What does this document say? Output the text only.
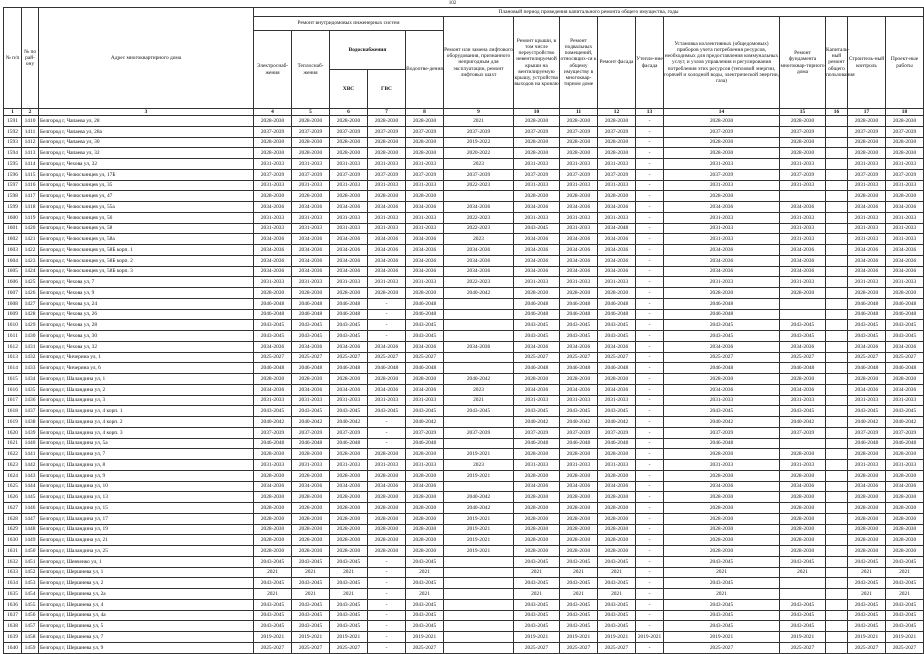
102
№ п/п	№ по рай-ону	Адрес многоквартирного дома	Плановый период проведения капитального ремонта общего имущества, годы														
			Ремонт внутридомовых инженерных систем					Ремонт или замена лифтового оборудования, признанного непригодным для эксплуатации, ремонт лифтовых шахт	Ремонт крыши, в том числе переустройство невентилируемой крыши на вентилируемую крышу, устройство выходов на кровлю	Ремонт подвальных помещений, относящих-ся к общему имуществу в многоквар-тирном доме	Ремонт фасада	Утепле-ние фасада	Установка коллективных (общедомовых) приборов учета потребления ресурсов, необходимых для предоставления коммунальных услуг, и узлов управления и регулирования потребления этих ресурсов (тепловой энергии, горячей и холодной воды, электрической энергии, газа)	Ремонт фундамента многоквар-тирного дома	Капиталь-ный ремонт общего пользования	Строитель-ный контроль	Проект-ные работы
			Электроснаб-жения	Теплоснаб-жения	Водоснабжения
ХВС ГВС		Водоотве-дения										
1	2	3	4	5	6	7	8	9	10	11	12	13	14	15	16	17	18
1591	1410	Белгород г, Чапаева ул, 28	2028-2030	2028-2030	2028-2030	2028-2030	2028-2030	2021	2028-2030	2028-2030	2028-2030	-	2028-2030	2028-2030		2028-2030	2028-2030
1592	1411	Белгород г, Чапаева ул, 28а	2037-2039	2037-2039	2037-2039	2037-2039	2037-2039	2037-2039	2037-2039	2037-2039	2037-2039	-	2037-2039	2037-2039		2037-2039	2037-2039
1593	1412	Белгород г, Чапаева ул, 30	2028-2030	2028-2030	2028-2030	2028-2030	2028-2030	2019-2022	2028-2030	2028-2030	2028-2030	-	2028-2030	2028-2030		2028-2030	2028-2030
1594	1413	Белгород г, Чапаева ул, 32	2028-2030	2028-2030	2028-2030	2028-2030	2028-2030	2020-2022	2028-2030	2028-2030	2028-2030	-	2028-2030	2028-2030		2028-2030	2028-2030
1595	1414	Белгород г, Чехова ул, 32	2031-2033	2031-2033	2031-2033	2031-2033	2031-2033	2023	2031-2033	2031-2033	2031-2033	-	2031-2033	2031-2033		2031-2033	2031-2033
1596	1415	Белгород г, Челюскинцев ул, 17Б	2037-2039	2037-2039	2037-2039	2037-2039	2037-2039	2037-2039	2037-2039	2037-2039	2037-2039	-	2037-2039	2037-2039		2037-2039	2037-2039
1597	1416	Белгород г, Челюскинцев ул, 35	2031-2033	2031-2033	2031-2033	2031-2033	2031-2033	2022-2023	2031-2033	2031-2033	2031-2033	-	2031-2033	2031-2033		2031-2033	2031-2033
1598	1417	Белгород г, Челюскинцев ул, 47	2028-2030	2028-2030	2028-2030	2028-2030	2028-2030		2028-2030	2028-2030	2028-2030	-	2028-2030			2028-2030	2028-2030
1599	1418	Белгород г, Челюскинцев ул, 55а	2034-2036	2034-2036	2034-2036	2034-2036	2034-2036	2034-2036	2034-2036	2034-2036	2034-2036	-	2034-2036	2034-2036		2034-2036	2034-2036
1600	1419	Белгород г, Челюскинцев ул, 56	2031-2033	2031-2033	2031-2033	2031-2033	2031-2033	2022-2023	2031-2033	2031-2033	2031-2033	-	2031-2033	2031-2033		2031-2033	2031-2033
1601	1420	Белгород г, Челюскинцев ул, 58	2031-2033	2031-2033	2031-2033	2031-2033	2031-2033	2022-2023	2043-2045	2031-2033	2034-2048	-	2031-2033	2031-2033		2031-2033	2031-2033
1602	1421	Белгород г, Челюскинцев ул, 58а	2034-2036	2034-2036	2034-2036	2034-2036	2034-2036	2023	2034-2036	2034-2036	2034-2036	-	2031-2033	2031-2033		2031-2033	2031-2033
1603	1422	Белгород г, Челюскинцев ул, 58Б корп. 1	2034-2036	2034-2036	2034-2036	2034-2036	2034-2036	2034-2036	2034-2036	2034-2036	2034-2036	-	2034-2036	2034-2036		2034-2036	2034-2036
1604	1423	Белгород г, Челюскинцев ул, 58Б корп. 2	2034-2036	2034-2036	2034-2036	2034-2036	2034-2036	2034-2036	2034-2036	2034-2036	2034-2036	-	2034-2036	2034-2036		2034-2036	2034-2036
1605	1424	Белгород г, Челюскинцев ул, 58Б корп. 3	2034-2036	2034-2036	2034-2036	2034-2036	2034-2036	2034-2036	2034-2036	2034-2036	2034-2036	-	2034-2036	2034-2036		2034-2036	2034-2036
1606	1425	Белгород г, Чехова ул, 7	2031-2033	2031-2033	2031-2033	2031-2033	2031-2033	2022-2023	2031-2033	2031-2033	2031-2033	-	2031-2033	2031-2033		2031-2033	2031-2033
1607	1426	Белгород г, Чехова ул, 9	2028-2030	2028-2030	2028-2030	2028-2030	2028-2030	2040-2042	2028-2030	2028-2030	2028-2030	-	2028-2030	2028-2030		2028-2030	2028-2030
1608	1427	Белгород г, Чехова ул, 24	2046-2048	2046-2048	2046-2048	-	2046-2048		2046-2048	2046-2048	2046-2048	-	2046-2048			2046-2048	2046-2048
1609	1428	Белгород г, Чехова ул, 26	2046-2048	2046-2048	2046-2048	-	2046-2048		2046-2048	2046-2048	2046-2048	-	2046-2048			2046-2048	2046-2048
1610	1429	Белгород г, Чехова ул, 28	2043-2045	2043-2045	2043-2045	-	2043-2045		2043-2045	2043-2045	2043-2045	-	2043-2045	2043-2045		2043-2045	2043-2045
1611	1430	Белгород г, Чехова ул, 30	2043-2045	2043-2045	2043-2045	-	2043-2045		2043-2045	2043-2045	2043-2045	-	2043-2045	2043-2045		2043-2045	2043-2045
1612	1431	Белгород г, Чехова ул, 32	2034-2036	2034-2036	2034-2036	2034-2036	2034-2036	2034-2036	2034-2036	2034-2036	2034-2036	-	2034-2036	2034-2036		2034-2036	2034-2036
1613	1432	Белгород г, Чичерина ул, 1	2025-2027	2025-2027	2025-2027	2025-2027	2025-2027		2025-2027	2025-2027	2025-2027	-	2025-2027	2025-2027		2025-2027	2025-2027
1614	1433	Белгород г, Чичерина ул, 6	2046-2048	2046-2048	2046-2048	2046-2048	2046-2048		2046-2048	2046-2048	2046-2048	-	2046-2048	2046-2048		2046-2048	2046-2048
1615	1434	Белгород г, Шаландина ул, 1	2028-2030	2028-2030	2028-2030	2028-2030	2028-2030	2040-2042	2028-2030	2028-2030	2028-2030	-	2028-2030	2028-2030		2028-2030	2028-2030
1616	1435	Белгород г, Шаландина ул, 2	2034-2036	2034-2036	2034-2036	2034-2036	2034-2036	2023	2034-2036	2034-2036	2034-2036	-	2034-2036	2034-2036		2034-2036	2034-2036
1617	1436	Белгород г, Шаландина ул, 3	2031-2033	2031-2033	2031-2033	2031-2033	2031-2033	2021	2031-2033	2031-2033	2031-2033	-	2031-2033	2031-2033		2031-2033	2031-2033
1618	1437	Белгород г, Шаландина ул, 4 корп. 1	2043-2045	2043-2045	2043-2045	2043-2045	2043-2045	2043-2045	2043-2045	2043-2045	2043-2045	-	2043-2045	2043-2045		2043-2045	2043-2045
1619	1438	Белгород г, Шаландина ул, 4 корп. 2	2040-2042	2040-2042	2040-2042	-	2040-2042		2040-2042	2040-2042	2040-2042	-	2040-2042	2040-2042		2040-2042	2040-2042
1620	1439	Белгород г, Шаландина ул, 4 корп. 3	2037-2039	2037-2039	2037-2039	-	2037-2039	2037-2039	2037-2039	2037-2039	2037-2039	-	2037-2039	2037-2039		2037-2039	2037-2039
1621	1440	Белгород г, Шаландина ул, 5а	2046-2048	2046-2048	2046-2048	-	2046-2048		2046-2048	2046-2048	2046-2048	-	2046-2048			2046-2048	2046-2048
1622	1441	Белгород г, Шаландина ул, 7	2028-2030	2028-2030	2028-2030	2028-2030	2028-2030	2019-2021	2028-2030	2028-2030	2028-2030	-	2028-2030	2028-2030		2028-2030	2028-2030
1623	1442	Белгород г, Шаландина ул, 8	2031-2033	2031-2033	2031-2033	2031-2033	2031-2033	2023	2031-2033	2031-2033	2031-2033	-	2031-2033	2031-2033		2031-2033	2031-2033
1624	1443	Белгород г, Шаландина ул, 9	2028-2030	2028-2030	2028-2030	2028-2030	2028-2030	2019-2021	2028-2030	2028-2030	2028-2030	-	2028-2030	2028-2030		2028-2030	2028-2030
1625	1444	Белгород г, Шаландина ул, 10	2034-2036	2034-2036	2034-2036	2034-2036	2034-2036		2034-2036	2034-2036	2034-2036	-	2034-2036	2034-2036		2034-2036	2034-2036
1626	1445	Белгород г, Шаландина ул, 13	2028-2030	2028-2030	2028-2030	2028-2030	2028-2030	2040-2042	2028-2030	2028-2030	2028-2030	-	2028-2030	2028-2030		2028-2030	2028-2030
1627	1446	Белгород г, Шаландина ул, 15	2028-2030	2028-2030	2028-2030	2028-2030	2028-2030	2040-2042	2028-2030	2028-2030	2028-2030	-	2028-2030	2028-2030		2028-2030	2028-2030
1628	1447	Белгород г, Шаландина ул, 17	2028-2030	2028-2030	2028-2030	2028-2030	2028-2030	2019-2021	2028-2030	2028-2030	2028-2030	-	2028-2030	2028-2030		2028-2030	2028-2030
1629	1448	Белгород г, Шаландина ул, 19	2028-2030	2028-2030	2028-2030	2028-2030	2028-2030	2019-2021	2028-2030	2028-2030	2028-2030	-	2028-2030	2028-2030		2028-2030	2028-2030
1630	1449	Белгород г, Шаландина ул, 21	2028-2030	2028-2030	2028-2030	2028-2030	2028-2030	2019-2021	2028-2030	2028-2030	2028-2030	-	2028-2030	2028-2030		2028-2030	2028-2030
1631	1450	Белгород г, Шаландина ул, 25	2028-2030	2028-2030	2028-2030	2028-2030	2028-2030	2019-2021	2028-2030	2028-2030	2028-2030	-	2028-2030	2028-2030		2028-2030	2028-2030
1632	1451	Белгород г, Шевченко ул, 1	2043-2045	2043-2045	2043-2045	-	2043-2045		2043-2045	2043-2045	2043-2045	-	2043-2045	2043-2045		2043-2045	2043-2045
1633	1452	Белгород г, Шершнева ул, 1	2021	2021	2021	-	2021		2021	2021	2021	-	2021	2021		2021	2021
1634	1453	Белгород г, Шершнева ул, 2	2043-2045	2043-2045	2043-2045	-	2043-2045		2043-2045	2043-2045	2043-2045	-	2043-2045			2043-2045	2043-2045
1635	1454	Белгород г, Шершнева ул, 2а	2021	2021	2021	-	2021		2021	2021	2021	-	2021			2021	2021
1636	1455	Белгород г, Шершнева ул, 4	2043-2045	2043-2045	2043-2045	-	2043-2045		2043-2045	2043-2045	2043-2045	-	2043-2045	2043-2045		2043-2045	2043-2045
1637	1456	Белгород г, Шершнева ул, 4а	2043-2045	2043-2045	2043-2045	-	2043-2045		2043-2045	2043-2045	2043-2045	-	2043-2045	2043-2045		2043-2045	2043-2045
1638	1457	Белгород г, Шершнева ул, 5	2043-2045	2043-2045	2043-2045	-	2043-2045		2043-2045	2043-2045	2043-2045	-	2043-2045	2043-2045		2043-2045	2043-2045
1639	1458	Белгород г, Шершнева ул, 7	2019-2021	2019-2021	2019-2021	-	2019-2021		2019-2021	2019-2021	2019-2021	2019-2021	2019-2021	2019-2021		2019-2021	2019-2021
1640	1459	Белгород г, Шершнева ул, 9	2025-2027	2025-2027	2025-2027	-	2025-2027		2025-2027	2025-2027	2025-2027	-	2025-2027	2025-2027		2025-2027	2025-2027
